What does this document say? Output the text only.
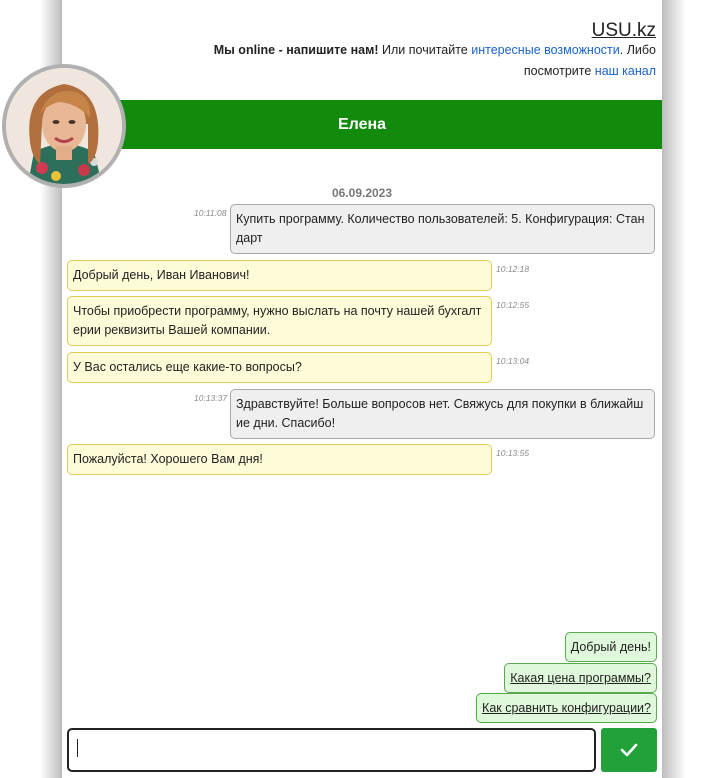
USU.kz
Мы online - напишите нам! Или почитайте интересные возможности. Либо
посмотрите наш канал
Елена
06.09.2023
10:11:08 Купить программу. Количество пользователей: 5. Конфигурация: Стандарт
Добрый день, Иван Иванович!	10:12:18
Чтобы приобрести программу, нужно выслать на почту нашей бухгалтерии реквизиты Вашей компании.
10:12:55
У Вас остались еще какие-то вопросы?	10:13:04
10:13:37 Здравствуйте! Больше вопросов нет. Свяжусь для покупки в ближайшие дни. Спасибо!
Пожалуйста! Хорошего Вам дня!	10:13:55
Добрый день!
Какая цена программы?
Как сравнить конфигурации?
